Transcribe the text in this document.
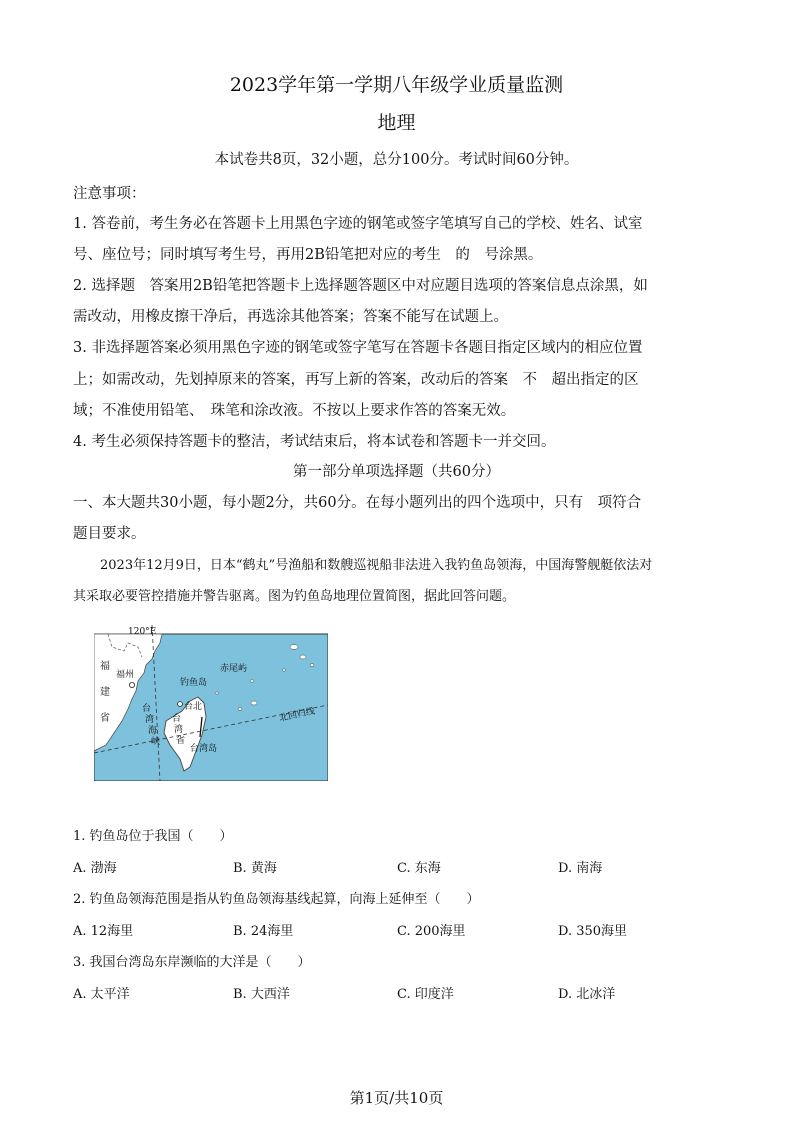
2023学年第一学期八年级学业质量监测
地理
本试卷共8页，32小题，总分100分。考试时间60分钟。
注意事项：
1. 答卷前，考生务必在答题卡上用黑色字迹的钢笔或签字笔填写自己的学校、姓名、试室
号、座位号；同时填写考生号，再用2B铅笔把对应的考生　的　号涂黑。
2. 选择题　答案用2B铅笔把答题卡上选择题答题区中对应题目选项的答案信息点涂黑，如
需改动，用橡皮擦干净后，再选涂其他答案；答案不能写在试题上。
3. 非选择题答案必须用黑色字迹的钢笔或签字笔写在答题卡各题目指定区域内的相应位置
上；如需改动，先划掉原来的答案，再写上新的答案，改动后的答案　不　超出指定的区
域；不准使用铅笔、　珠笔和涂改液。不按以上要求作答的答案无效。
4. 考生必须保持答题卡的整洁，考试结束后，将本试卷和答题卡一并交回。
第一部分单项选择题（共60分）
一、本大题共30小题，每小题2分，共60分。在每小题列出的四个选项中，只有　项符合
题目要求。
2023年12月9日，日本“鹤丸”号渔船和数艘巡视船非法进入我钓鱼岛领海，中国海警舰艇依法对
其采取必要管控措施并警告驱离。图为钓鱼岛地理位置简图，据此回答问题。
120°E
福
建
省
福州
台
湾
海
峡
钓鱼岛
赤尾屿
台北	北回归线
台
湾
省
台湾岛
1. 钓鱼岛位于我国（　　）
A. 渤海	B. 黄海	C. 东海	D. 南海
2. 钓鱼岛领海范围是指从钓鱼岛领海基线起算，向海上延伸至（　　）
A. 12海里	B. 24海里	C. 200海里	D. 350海里
3. 我国台湾岛东岸濒临的大洋是（　　）
A. 太平洋	B. 大西洋	C. 印度洋	D. 北冰洋
第1页/共10页
